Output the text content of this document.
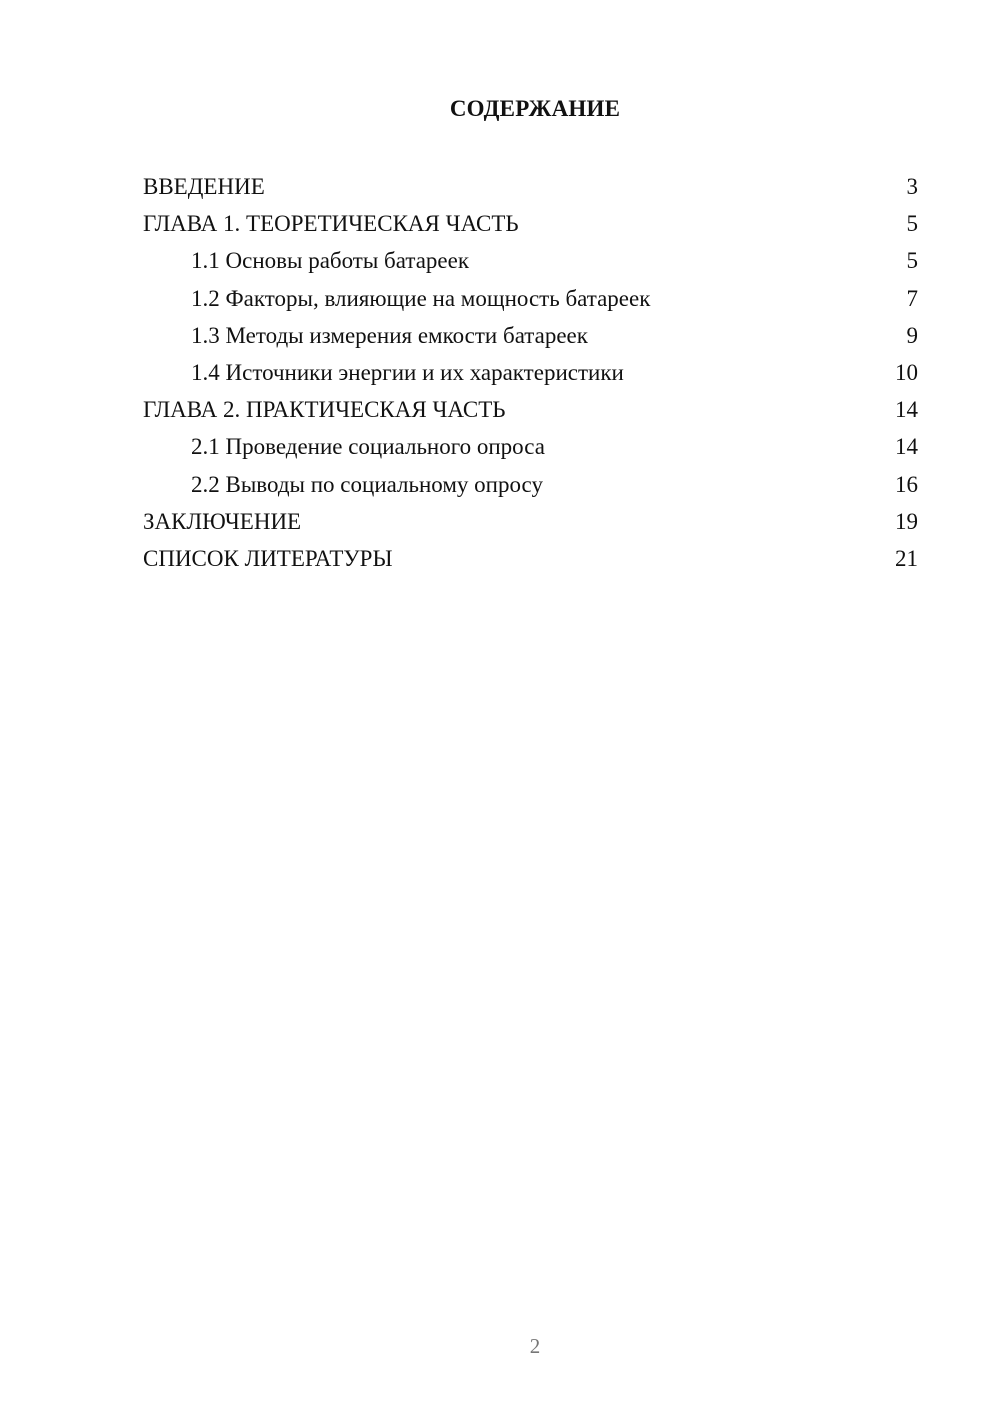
СОДЕРЖАНИЕ
ВВЕДЕНИЕ	3
ГЛАВА 1. ТЕОРЕТИЧЕСКАЯ ЧАСТЬ	5
1.1 Основы работы батареек	5
1.2 Факторы, влияющие на мощность батареек	7
1.3 Методы измерения емкости батареек	9
1.4 Источники энергии и их характеристики	10
ГЛАВА 2. ПРАКТИЧЕСКАЯ ЧАСТЬ	14
2.1 Проведение социального опроса	14
2.2 Выводы по социальному опросу	16
ЗАКЛЮЧЕНИЕ	19
СПИСОК ЛИТЕРАТУРЫ	21
2
